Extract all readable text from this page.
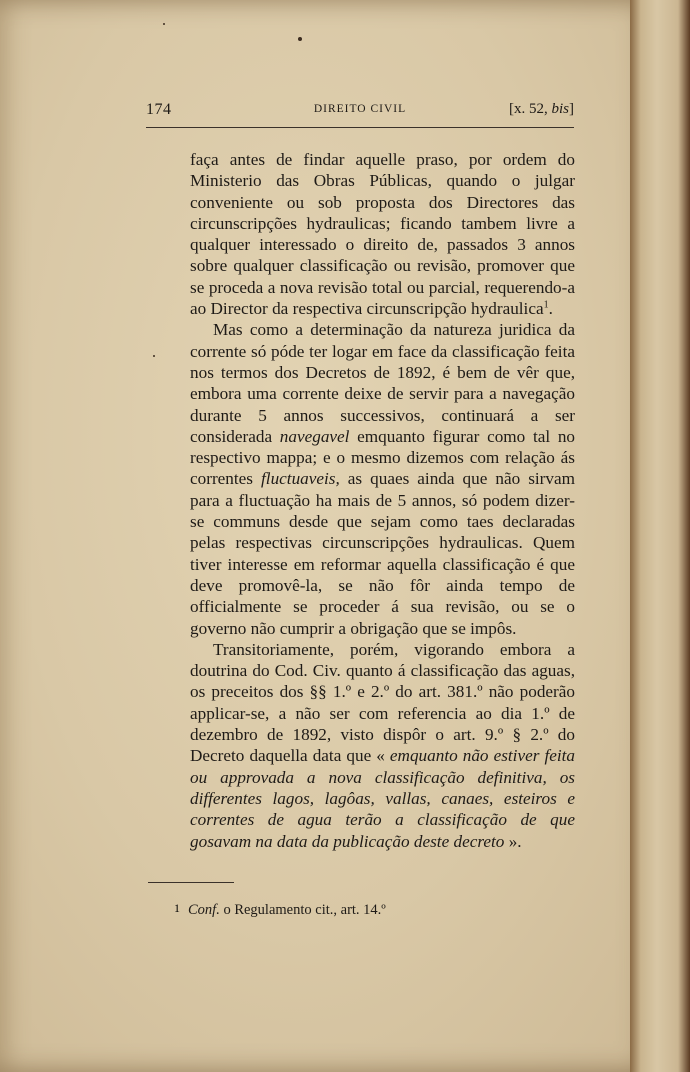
174	DIREITO CIVIL	[x. 52, bis]

faça antes de findar aquelle praso, por ordem do Ministerio das Obras Públicas, quando o julgar conveniente ou sob proposta dos Directores das circunscripções hydraulicas; ficando tambem livre a qualquer interessado o direito de, passados 3 annos sobre qualquer classificação ou revisão, promover que se proceda a nova revisão total ou parcial, requerendo-a ao Director da respectiva circunscripção hydraulica$^1$.

Mas como a determinação da natureza juridica da corrente só póde ter logar em face da classificação feita nos termos dos Decretos de 1892, é bem de vêr que, embora uma corrente deixe de servir para a navegação durante 5 annos successivos, continuará a ser considerada navegavel emquanto figurar como tal no respectivo mappa; e o mesmo dizemos com relação ás correntes fluctuaveis, as quaes ainda que não sirvam para a fluctuação ha mais de 5 annos, só podem dizer-se communs desde que sejam como taes declaradas pelas respectivas circunscripções hydraulicas. Quem tiver interesse em reformar aquella classificação é que deve promovê-la, se não fôr ainda tempo de officialmente se proceder á sua revisão, ou se o governo não cumprir a obrigação que se impôs.

Transitoriamente, porém, vigorando embora a doutrina do Cod. Civ. quanto á classificação das aguas, os preceitos dos §§ 1.º e 2.º do art. 381.º não poderão applicar-se, a não ser com referencia ao dia 1.º de dezembro de 1892, visto dispôr o art. 9.º § 2.º do Decreto daquella data que « emquanto não estiver feita ou approvada a nova classificação definitiva, os differentes lagos, lagôas, vallas, canaes, esteiros e correntes de agua terão a classificação de que gosavam na data da publicação deste decreto ».

1 Conf. o Regulamento cit., art. 14.º
